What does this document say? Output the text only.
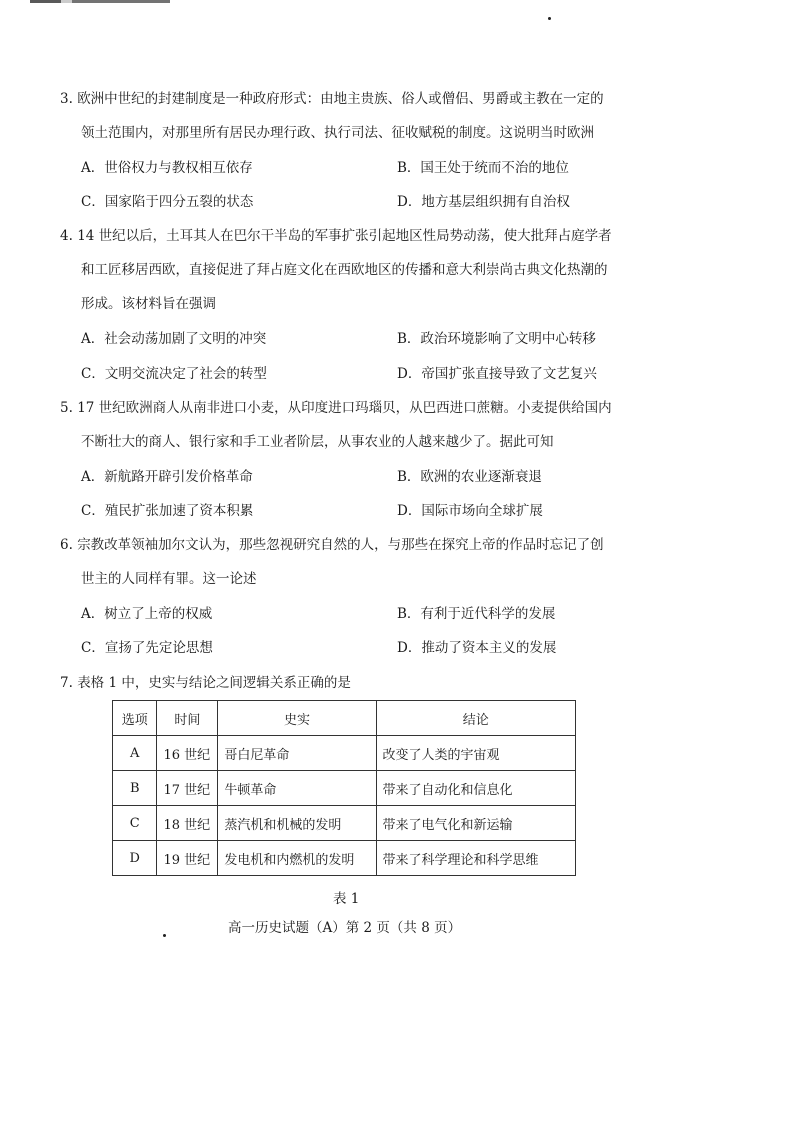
3. 欧洲中世纪的封建制度是一种政府形式：由地主贵族、俗人或僧侣、男爵或主教在一定的
领土范围内，对那里所有居民办理行政、执行司法、征收赋税的制度。这说明当时欧洲
A．世俗权力与教权相互依存	B．国王处于统而不治的地位
C．国家陷于四分五裂的状态	D．地方基层组织拥有自治权
4. 14 世纪以后，土耳其人在巴尔干半岛的军事扩张引起地区性局势动荡，使大批拜占庭学者
和工匠移居西欧，直接促进了拜占庭文化在西欧地区的传播和意大利崇尚古典文化热潮的
形成。该材料旨在强调
A．社会动荡加剧了文明的冲突	B．政治环境影响了文明中心转移
C．文明交流决定了社会的转型	D．帝国扩张直接导致了文艺复兴
5. 17 世纪欧洲商人从南非进口小麦，从印度进口玛瑙贝，从巴西进口蔗糖。小麦提供给国内
不断壮大的商人、银行家和手工业者阶层，从事农业的人越来越少了。据此可知
A．新航路开辟引发价格革命	B．欧洲的农业逐渐衰退
C．殖民扩张加速了资本积累	D．国际市场向全球扩展
6. 宗教改革领袖加尔文认为，那些忽视研究自然的人，与那些在探究上帝的作品时忘记了创
世主的人同样有罪。这一论述
A．树立了上帝的权威	B．有利于近代科学的发展
C．宣扬了先定论思想	D．推动了资本主义的发展
7. 表格 1 中，史实与结论之间逻辑关系正确的是
选项	时间	史实	结论
A	16 世纪	哥白尼革命	改变了人类的宇宙观
B	17 世纪	牛顿革命	带来了自动化和信息化
C	18 世纪	蒸汽机和机械的发明	带来了电气化和新运输
D	19 世纪	发电机和内燃机的发明	带来了科学理论和科学思维
表 1
高一历史试题（A）第 2 页（共 8 页）
